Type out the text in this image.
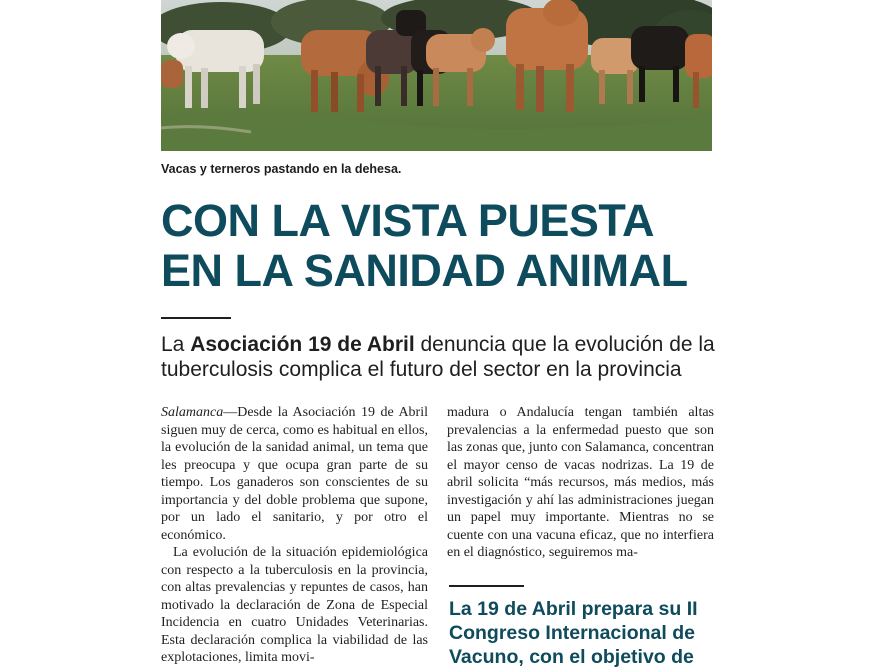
Vacas y terneros pastando en la dehesa.
CON LA VISTA PUESTA
EN LA SANIDAD ANIMAL

La Asociación 19 de Abril denuncia que la evolución de la tuberculosis complica el futuro del sector en la provincia

Salamanca—Desde la Asociación 19 de Abril siguen muy de cerca, como es habitual en ellos, la evolución de la sanidad animal, un tema que les preocupa y que ocupa gran parte de su tiempo. Los ganaderos son conscientes de su importancia y del doble problema que supone, por un lado el sanitario, y por otro el económico.

La evolución de la situación epidemiológica con respecto a la tuberculosis en la provincia, con altas prevalencias y repuntes de casos, han motivado la declaración de Zona de Especial Incidencia en cuatro Unidades Veterinarias. Esta declaración complica la viabilidad de las explotaciones, limita movi-

madura o Andalucía tengan también altas prevalencias a la enfermedad puesto que son las zonas que, junto con Salamanca, concentran el mayor censo de vacas nodrizas. La 19 de abril solicita “más recursos, más medios, más investigación y ahí las administraciones juegan un papel muy importante. Mientras no se cuente con una vacuna eficaz, que no interfiera en el diagnóstico, seguiremos ma-

La 19 de Abril prepara su II Congreso Internacional de Vacuno, con el objetivo de
